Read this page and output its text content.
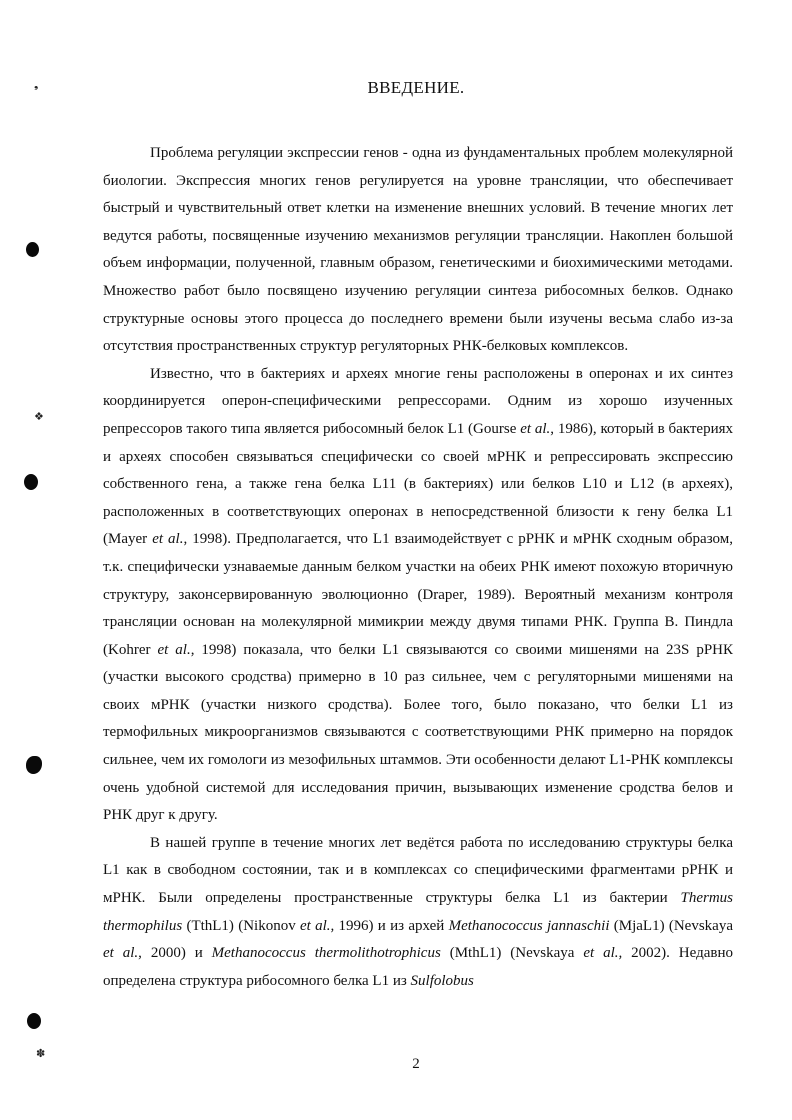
❟
❖
✽
ВВЕДЕНИЕ.

Проблема регуляции экспрессии генов - одна из фундаментальных проблем молекулярной биологии. Экспрессия многих генов регулируется на уровне трансляции, что обеспечивает быстрый и чувствительный ответ клетки на изменение внешних условий. В течение многих лет ведутся работы, посвященные изучению механизмов регуляции трансляции. Накоплен большой объем информации, полученной, главным образом, генетическими и биохимическими методами. Множество работ было посвящено изучению регуляции синтеза рибосомных белков. Однако структурные основы этого процесса до последнего времени были изучены весьма слабо из-за отсутствия пространственных структур регуляторных РНК-белковых комплексов.

Известно, что в бактериях и археях многие гены расположены в оперонах и их синтез координируется оперон-специфическими репрессорами. Одним из хорошо изученных репрессоров такого типа является рибосомный белок L1 (Gourse et al., 1986), который в бактериях и археях способен связываться специфически со своей мРНК и репрессировать экспрессию собственного гена, а также гена белка L11 (в бактериях) или белков L10 и L12 (в археях), расположенных в соответствующих оперонах в непосредственной близости к гену белка L1 (Mayer et al., 1998). Предполагается, что L1 взаимодействует с рРНК и мРНК сходным образом, т.к. специфически узнаваемые данным белком участки на обеих РНК имеют похожую вторичную структуру, законсервированную эволюционно (Draper, 1989). Вероятный механизм контроля трансляции основан на молекулярной мимикрии между двумя типами РНК. Группа В. Пиндла (Kohrer et al., 1998) показала, что белки L1 связываются со своими мишенями на 23S рРНК (участки высокого сродства) примерно в 10 раз сильнее, чем с регуляторными мишенями на своих мРНК (участки низкого сродства). Более того, было показано, что белки L1 из термофильных микроорганизмов связываются с соответствующими РНК примерно на порядок сильнее, чем их гомологи из мезофильных штаммов. Эти особенности делают L1-РНК комплексы очень удобной системой для исследования причин, вызывающих изменение сродства белов и РНК друг к другу.

В нашей группе в течение многих лет ведётся работа по исследованию структуры белка L1 как в свободном состоянии, так и в комплексах со специфическими фрагментами рРНК и мРНК. Были определены пространственные структуры белка L1 из бактерии Thermus thermophilus (TthL1) (Nikonov et al., 1996) и из архей Methanococcus jannaschii (MjaL1) (Nevskaya et al., 2000) и Methanococcus thermolithotrophicus (MthL1) (Nevskaya et al., 2002). Недавно определена структура рибосомного белка L1 из Sulfolobus

2
